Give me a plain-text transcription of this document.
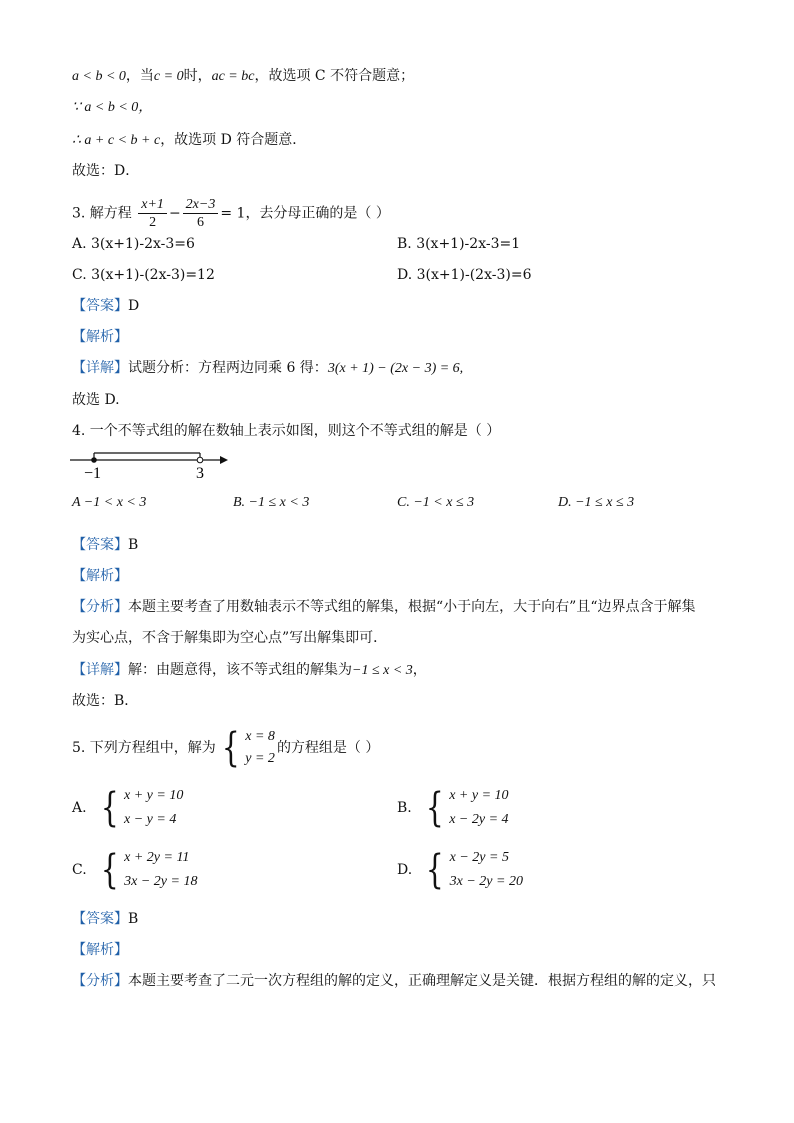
a < b < 0，当c = 0时，ac = bc，故选项 C 不符合题意；
∵ a < b < 0，
∴ a + c < b + c，故选项 D 符合题意．
故选：D．
3. 解方程 $\frac{x+1}{2} - \frac{2x-3}{6} = 1$，去分母正确的是（ ）
A. 3(x+1)-2x-3=6	B. 3(x+1)-2x-3=1
C. 3(x+1)-(2x-3)=12	D. 3(x+1)-(2x-3)=6
【答案】D
【解析】
【详解】试题分析：方程两边同乘 6 得：3(x + 1) − (2x − 3) = 6,
故选 D.
4. 一个不等式组的解在数轴上表示如图，则这个不等式组的解是（ ）
−1	3
A −1 < x < 3	B. −1 ≤ x < 3	C. −1 < x ≤ 3	D. −1 ≤ x ≤ 3
【答案】B
【解析】
【分析】本题主要考查了用数轴表示不等式组的解集，根据“小于向左，大于向右”且“边界点含于解集
为实心点，不含于解集即为空心点”写出解集即可．
【详解】解：由题意得，该不等式组的解集为−1 ≤ x < 3，
故选：B．
5. 下列方程组中，解为 { x = 8
y = 2
的方程组是（ ）
A. { x + y = 10
x − y = 4
B. { x + y = 10
x − 2y = 4
C. { x + 2y = 11
3x − 2y = 18
D. { x − 2y = 5
3x − 2y = 20
【答案】B
【解析】
【分析】本题主要考查了二元一次方程组的解的定义，正确理解定义是关键．根据方程组的解的定义，只
